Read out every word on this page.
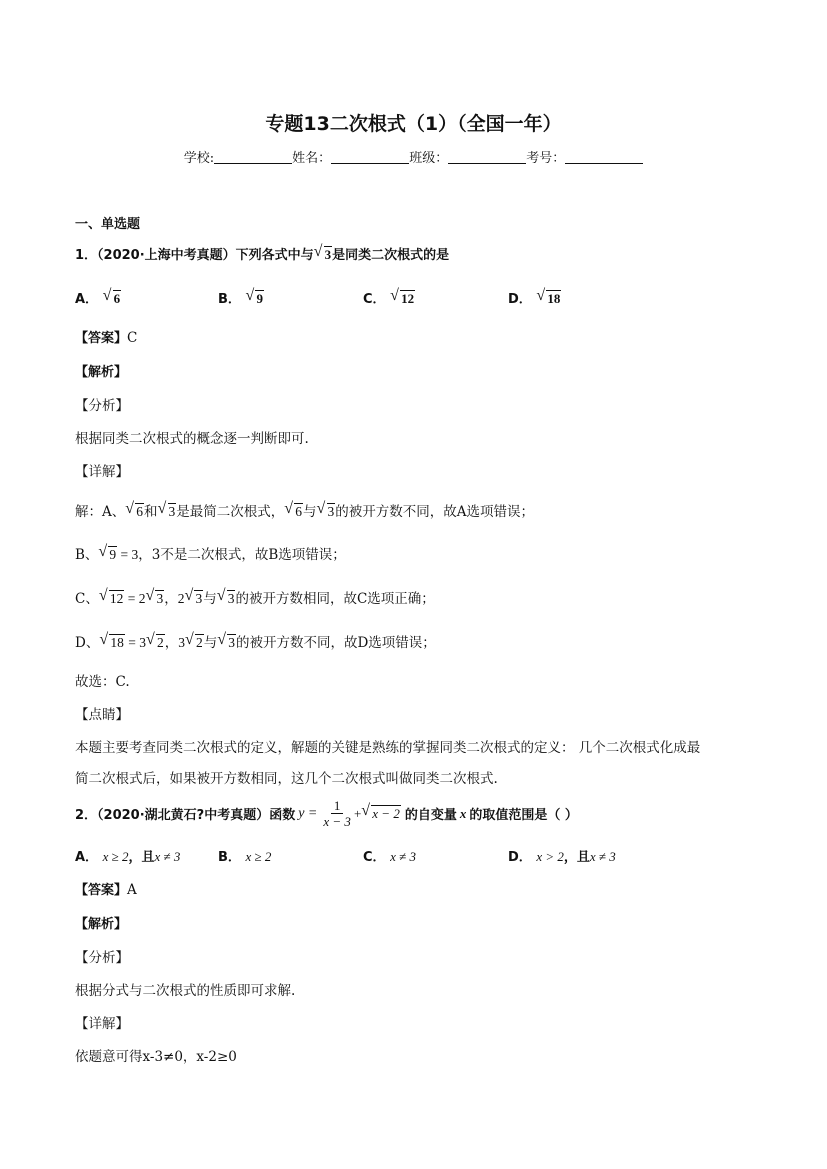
专题13二次根式（1）（全国一年）
学校:	姓名：	班级：	考号：
一、单选题
1．（2020·上海中考真题）下列各式中与 √ 3是同类二次根式的是
A． √ 6	B． √ 9	C． √ 12	D． √ 18
【答案】C
【解析】
【分析】
根据同类二次根式的概念逐一判断即可.
【详解】
解：A、 √ 6和 √ 3是最简二次根式， √ 6与 √ 3的被开方数不同，故A选项错误；
B、 √ 9 = 3，3不是二次根式，故B选项错误；
C、 √ 12 = 2 √ 3，2 √ 3与 √ 3的被开方数相同，故C选项正确；
D、 √ 18 = 3 √ 2，3 √ 2与 √ 3的被开方数不同，故D选项错误；
故选：C.
【点睛】
本题主要考查同类二次根式的定义，解题的关键是熟练的掌握同类二次根式的定义： 几个二次根式化成最
简二次根式后，如果被开方数相同，这几个二次根式叫做同类二次根式.
2．（2020·湖北黄石?中考真题）函数 $y = \frac{1}{x - 3}$ + √ x − 2 的自变量 x 的取值范围是（ ）
A． x ≥ 2，且x ≠ 3	B． x ≥ 2	C． x ≠ 3	D． x > 2，且x ≠ 3
【答案】A
【解析】
【分析】
根据分式与二次根式的性质即可求解.
【详解】
依题意可得x-3≠0，x-2≥0
